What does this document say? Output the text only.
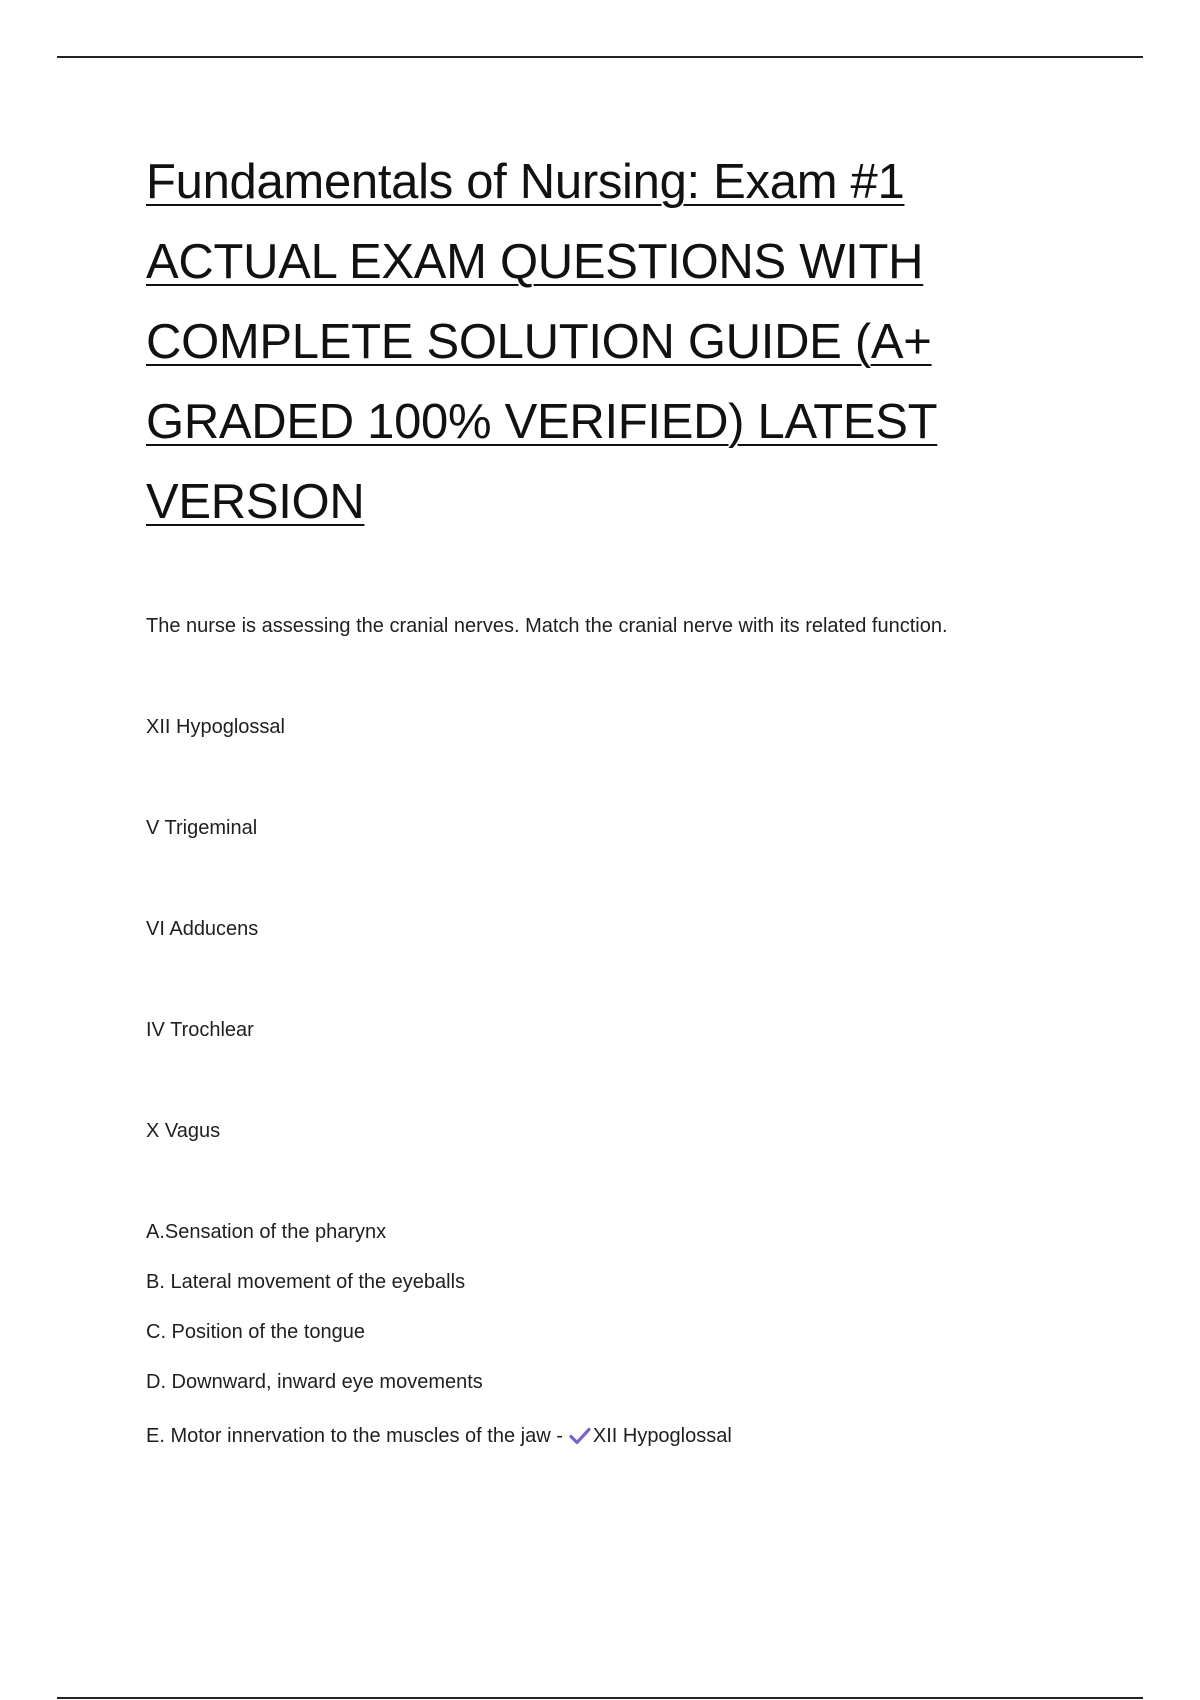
Fundamentals of Nursing: Exam #1
ACTUAL EXAM QUESTIONS WITH
COMPLETE SOLUTION GUIDE (A+
GRADED 100% VERIFIED) LATEST
VERSION

The nurse is assessing the cranial nerves. Match the cranial nerve with its related function.

XII Hypoglossal

V Trigeminal

VI Adducens

IV Trochlear

X Vagus

A.Sensation of the pharynx

B. Lateral movement of the eyeballs

C. Position of the tongue

D. Downward, inward eye movements

E. Motor innervation to the muscles of the jaw - XII Hypoglossal
